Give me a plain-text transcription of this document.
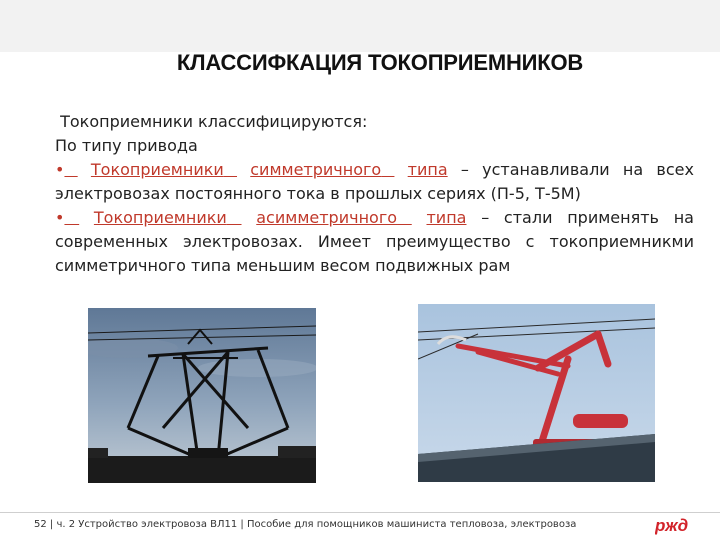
КЛАССИФКАЦИЯ ТОКОПРИЕМНИКОВ
Токоприемники классифицируются:
По типу привода
• Токоприемники симметричного типа – устанавливали на всех
электровозах постоянного тока в прошлых сериях (П-5, Т-5М)
• Токоприемники асимметричного типа – стали применять на
современных электровозах. Имеет преимущество с токоприемникми
симметричного типа меньшим весом подвижных рам
52 | ч. 2 Устройство электровоза ВЛ11 | Пособие для помощников машиниста тепловоза, электровоза	ржд
